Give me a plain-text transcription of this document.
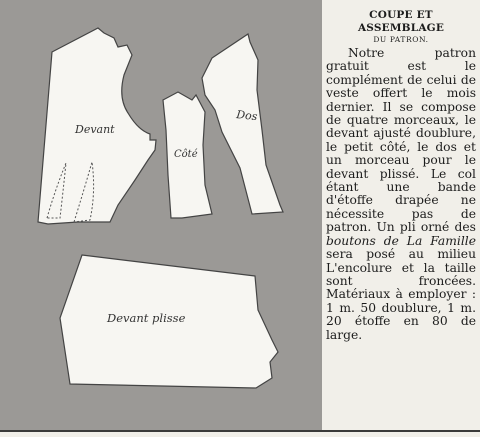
Devant
Côté
Dos
Devant plisse

COUPE ET ASSEMBLAGE

DU PATRON.

Notre patron gratuit est le complément de celui de veste offert le mois dernier. Il se compose de quatre morceaux, le devant ajusté doublure, le petit côté, le dos et un morceau pour le devant plissé. Le col étant une bande d'étoffe drapée ne nécessite pas de patron. Un pli orné des boutons de La Famille sera posé au milieu L'encolure et la taille sont froncées. Matériaux à employer : 1 m. 50 doublure, 1 m. 20 étoffe en 80 de large.
